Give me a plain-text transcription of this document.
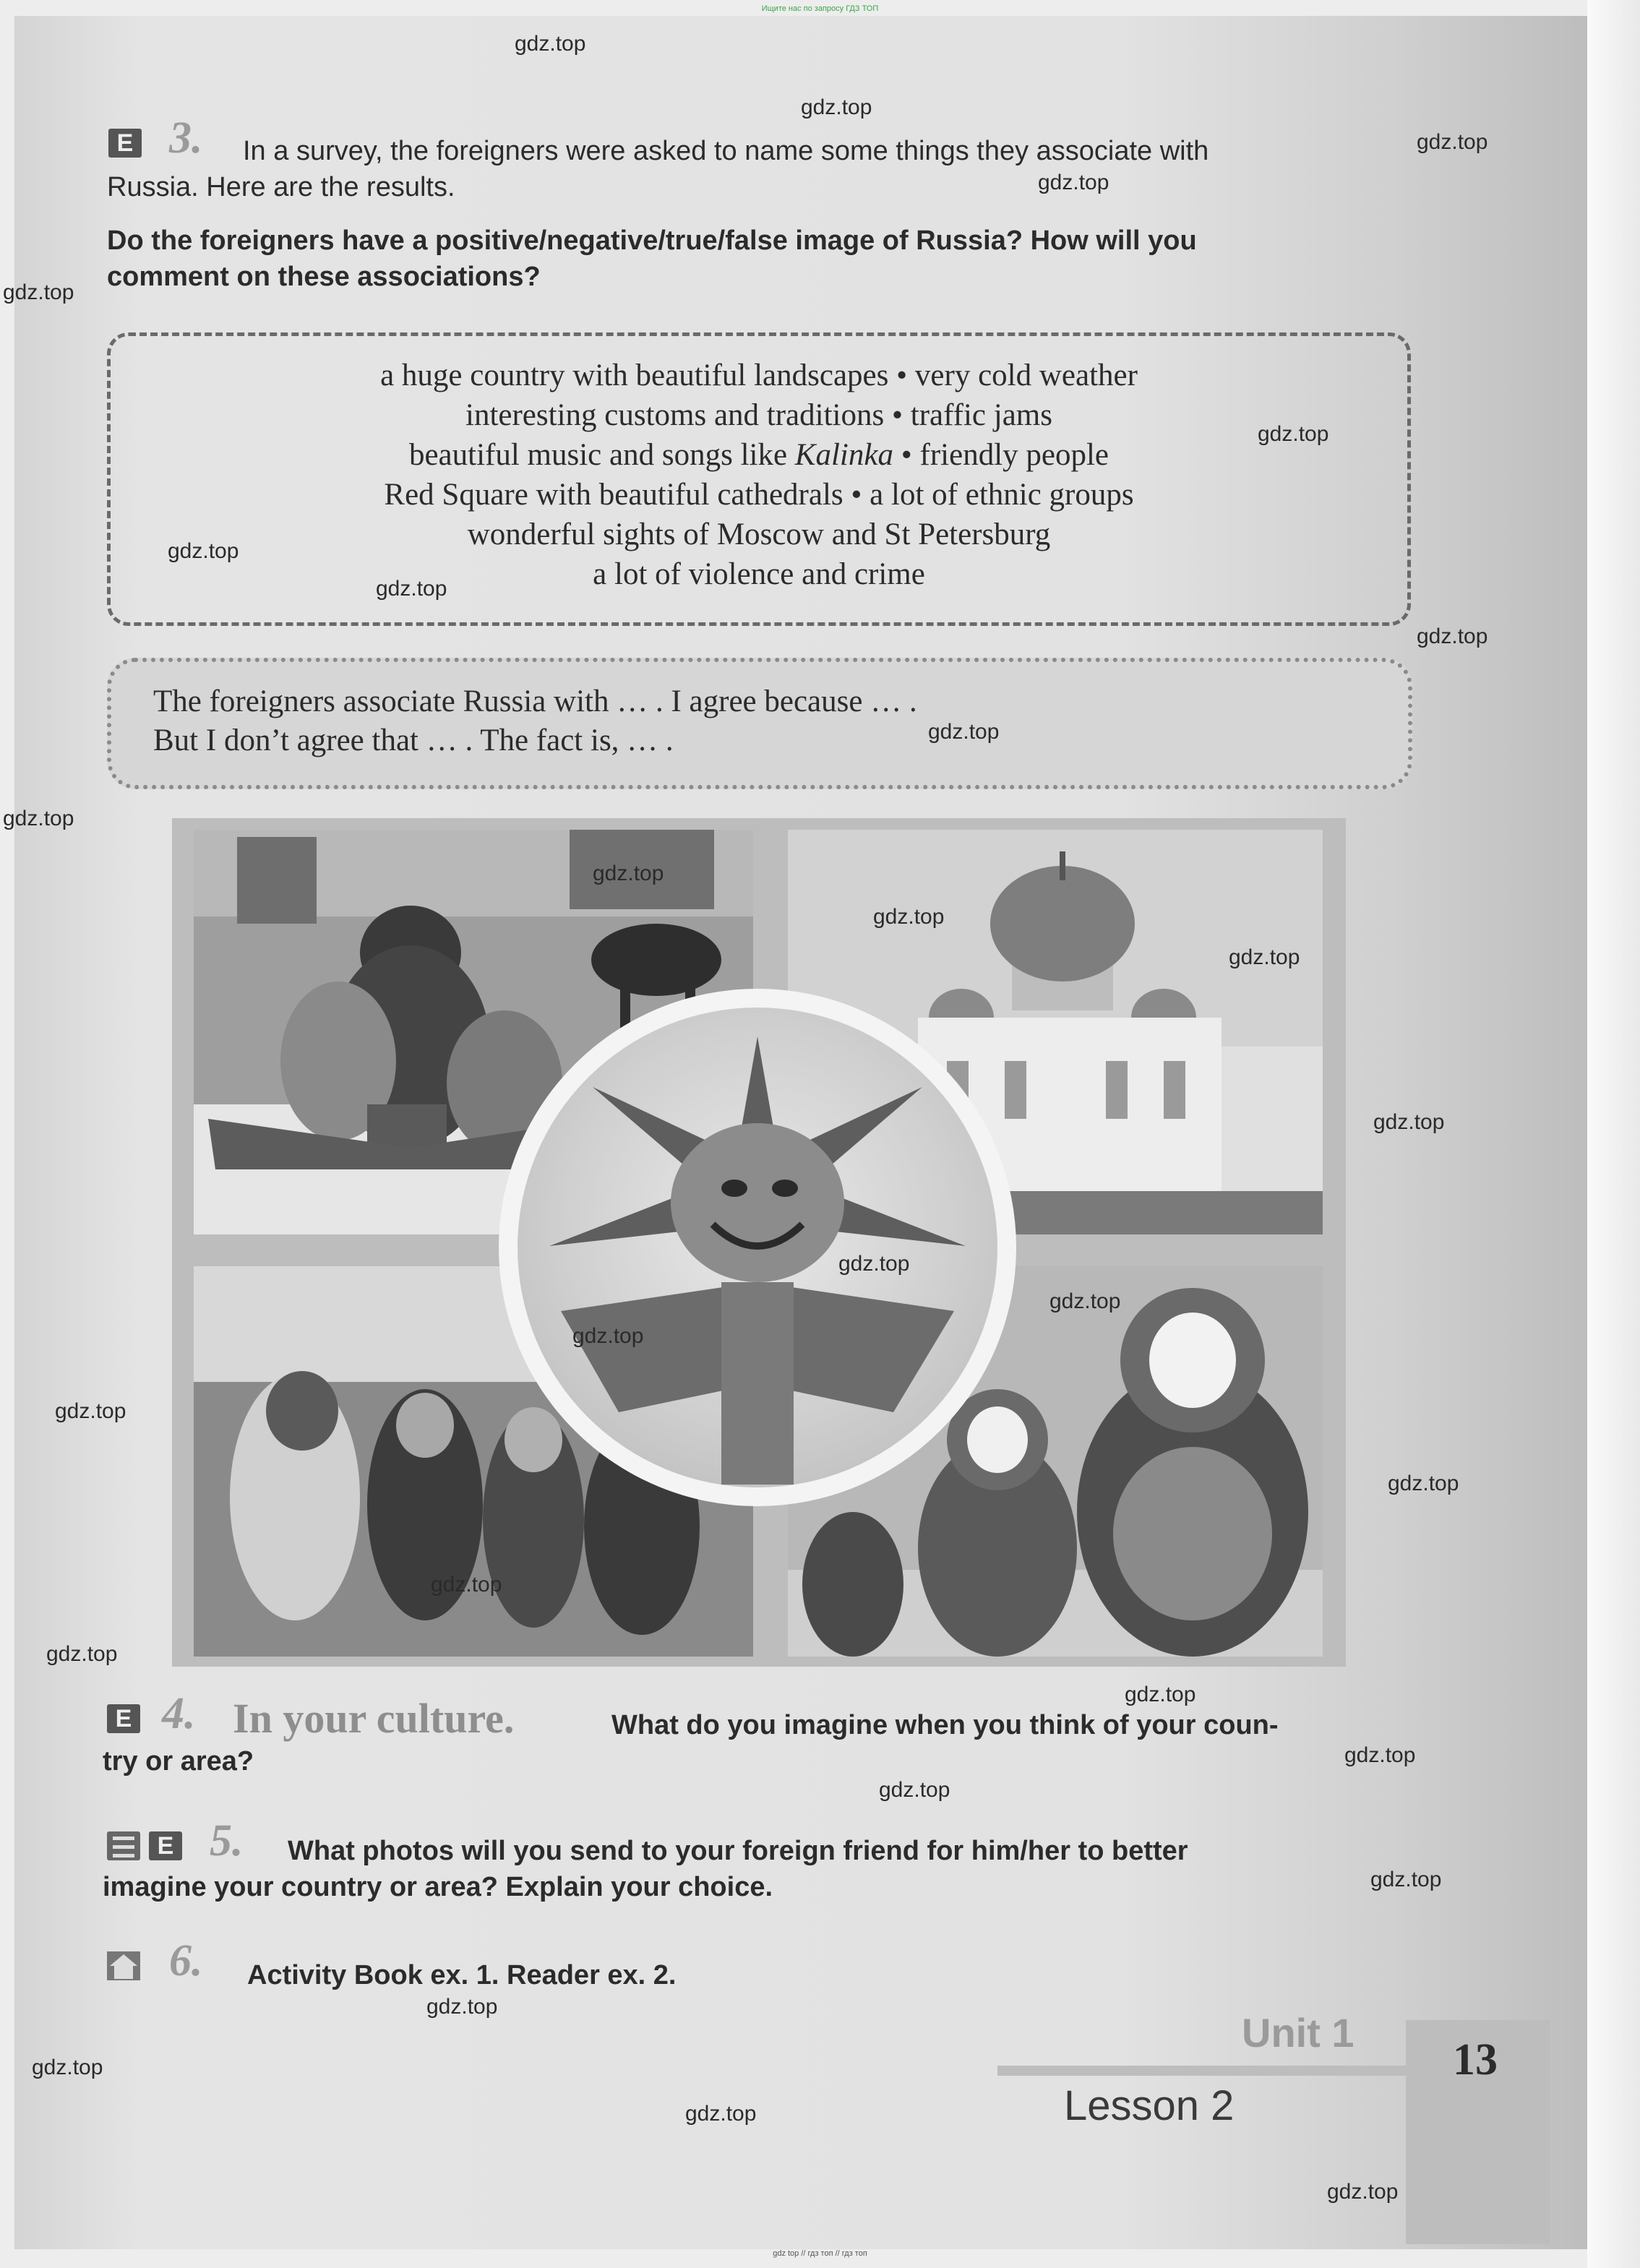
Ищите нас по запросу ГДЗ ТОП
E 3. In a survey, the foreigners were asked to name some things they associate with
Russia. Here are the results.
Do the foreigners have a positive/negative/true/false image of Russia? How will you
comment on these associations?
a huge country with beautiful landscapes • very cold weather
interesting customs and traditions • traffic jams
beautiful music and songs like Kalinka • friendly people
Red Square with beautiful cathedrals • a lot of ethnic groups
wonderful sights of Moscow and St Petersburg
a lot of violence and crime
The foreigners associate Russia with … . I agree because … .
But I don’t agree that … . The fact is, … .
E 4. In your culture.	What do you imagine when you think of your coun-
try or area?
E 5. What photos will you send to your foreign friend for him/her to better
imagine your country or area? Explain your choice.
6. Activity Book ex. 1. Reader ex. 2.
Unit 1
Lesson 2
13
gdz.top
gdz.top
gdz.top
gdz.top
gdz.top
gdz.top
gdz.top
gdz.top
gdz.top
gdz.top
gdz.top
gdz.top
gdz.top
gdz.top
gdz.top
gdz.top
gdz.top
gdz.top
gdz.top
gdz.top
gdz.top
gdz.top
gdz.top
gdz.top
gdz.top
gdz.top
gdz.top
gdz.top
gdz.top
gdz.top
gdz top // гдз топ // гдз топ
